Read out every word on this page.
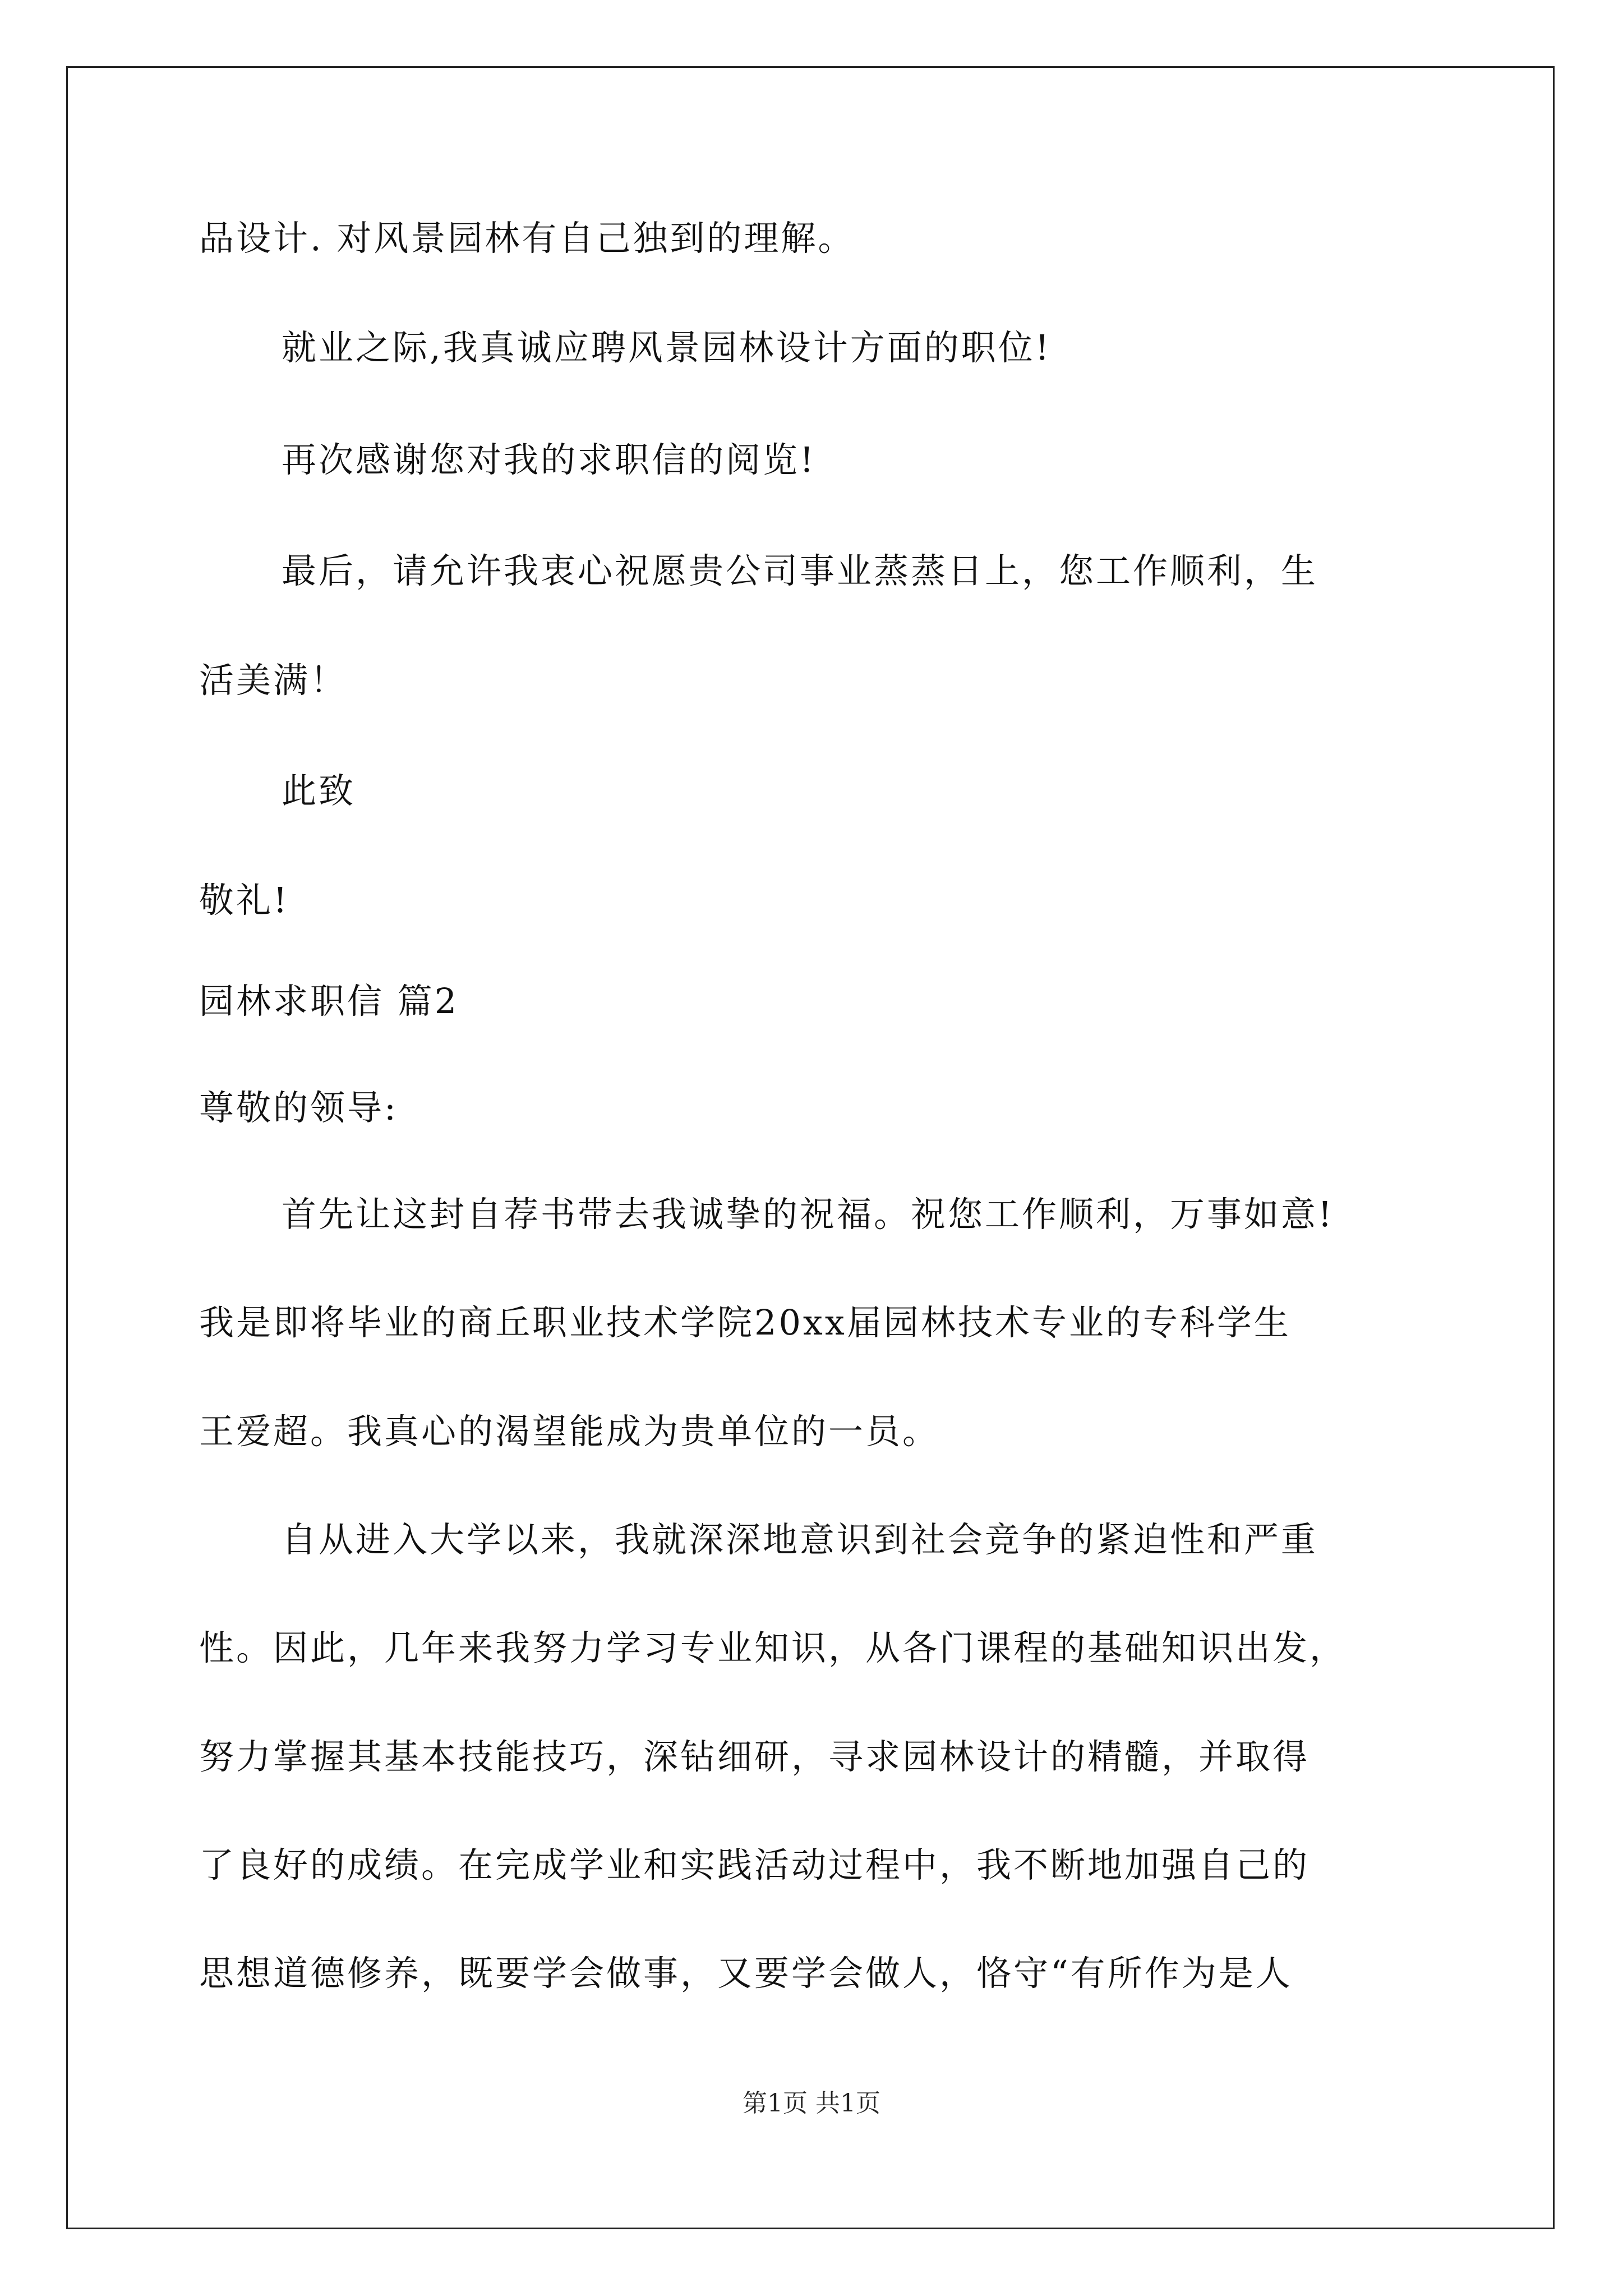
品设计. 对风景园林有自己独到的理解。
就业之际,我真诚应聘风景园林设计方面的职位!
再次感谢您对我的求职信的阅览!
最后，请允许我衷心祝愿贵公司事业蒸蒸日上，您工作顺利，生
活美满！
此致
敬礼!
园林求职信 篇2
尊敬的领导:
首先让这封自荐书带去我诚挚的祝福。祝您工作顺利，万事如意!
我是即将毕业的商丘职业技术学院20xx届园林技术专业的专科学生
王爱超。我真心的渴望能成为贵单位的一员。
自从进入大学以来，我就深深地意识到社会竞争的紧迫性和严重
性。因此，几年来我努力学习专业知识，从各门课程的基础知识出发，
努力掌握其基本技能技巧，深钻细研，寻求园林设计的精髓，并取得
了良好的成绩。在完成学业和实践活动过程中，我不断地加强自己的
思想道德修养，既要学会做事，又要学会做人，恪守“有所作为是人
第1页 共1页
